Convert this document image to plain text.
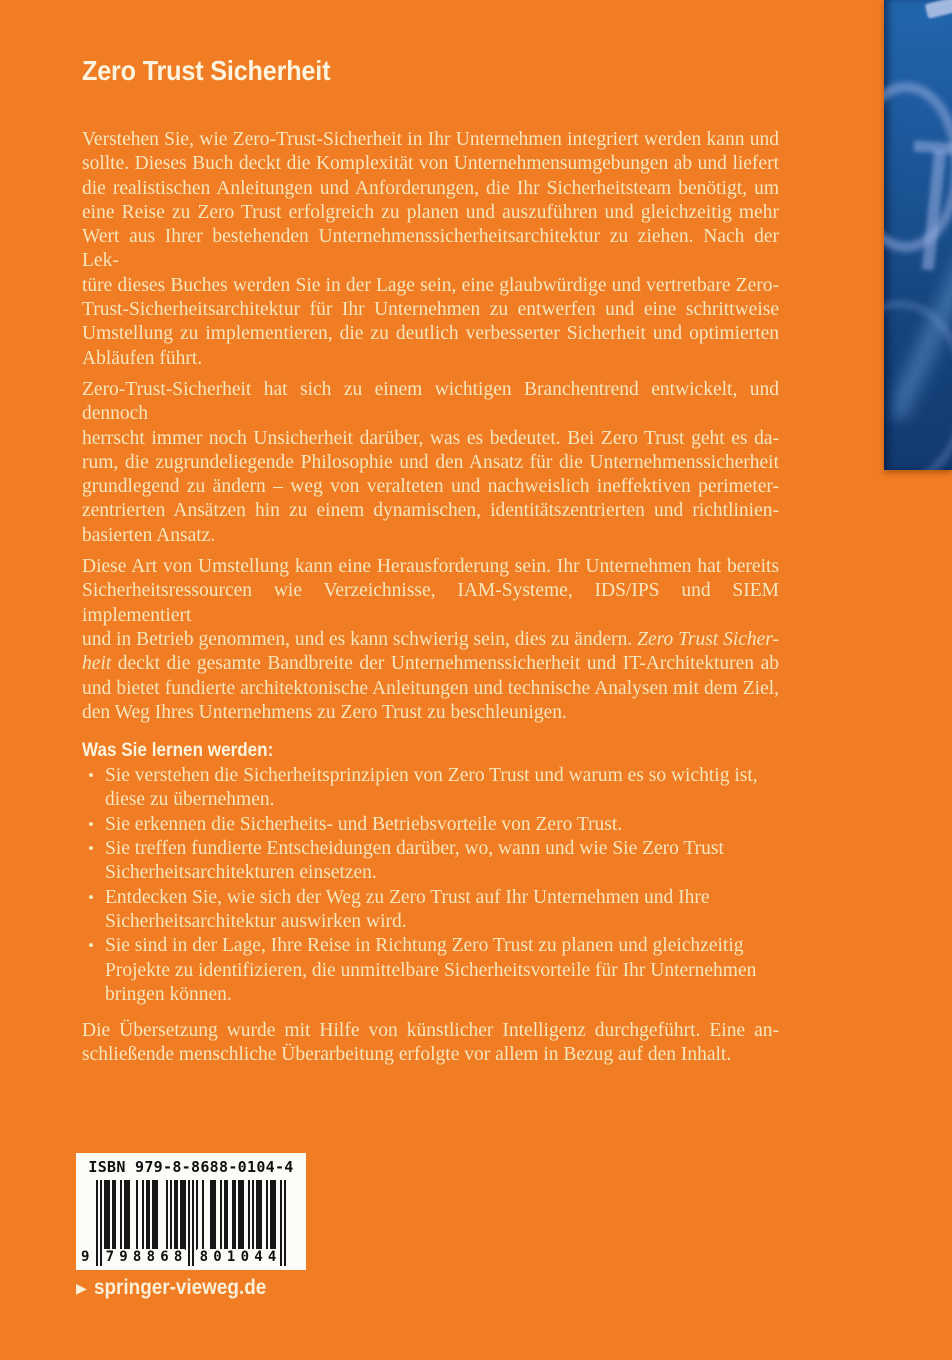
Zero Trust Sicherheit
Verstehen Sie, wie Zero-Trust-Sicherheit in Ihr Unternehmen integriert werden kann und
sollte. Dieses Buch deckt die Komplexität von Unternehmensumgebungen ab und liefert
die realistischen Anleitungen und Anforderungen, die Ihr Sicherheitsteam benötigt, um
eine Reise zu Zero Trust erfolgreich zu planen und auszuführen und gleichzeitig mehr
Wert aus Ihrer bestehenden Unternehmenssicherheitsarchitektur zu ziehen. Nach der Lek-
türe dieses Buches werden Sie in der Lage sein, eine glaubwürdige und vertretbare Zero-
Trust-Sicherheitsarchitektur für Ihr Unternehmen zu entwerfen und eine schrittweise
Umstellung zu implementieren, die zu deutlich verbesserter Sicherheit und optimierten
Abläufen führt.
Zero-Trust-Sicherheit hat sich zu einem wichtigen Branchentrend entwickelt, und dennoch
herrscht immer noch Unsicherheit darüber, was es bedeutet. Bei Zero Trust geht es da-
rum, die zugrundeliegende Philosophie und den Ansatz für die Unternehmenssicherheit
grundlegend zu ändern – weg von veralteten und nachweislich ineffektiven perimeter-
zentrierten Ansätzen hin zu einem dynamischen, identitätszentrierten und richtlinien-
basierten Ansatz.
Diese Art von Umstellung kann eine Herausforderung sein. Ihr Unternehmen hat bereits
Sicherheitsressourcen wie Verzeichnisse, IAM-Systeme, IDS/IPS und SIEM implementiert
und in Betrieb genommen, und es kann schwierig sein, dies zu ändern. Zero Trust Sicher-
heit deckt die gesamte Bandbreite der Unternehmenssicherheit und IT-Architekturen ab
und bietet fundierte architektonische Anleitungen und technische Analysen mit dem Ziel,
den Weg Ihres Unternehmens zu Zero Trust zu beschleunigen.
Was Sie lernen werden:
• Sie verstehen die Sicherheitsprinzipien von Zero Trust und warum es so wichtig ist,
diese zu übernehmen.
• Sie erkennen die Sicherheits- und Betriebsvorteile von Zero Trust.
• Sie treffen fundierte Entscheidungen darüber, wo, wann und wie Sie Zero Trust
Sicherheitsarchitekturen einsetzen.
• Entdecken Sie, wie sich der Weg zu Zero Trust auf Ihr Unternehmen und Ihre
Sicherheitsarchitektur auswirken wird.
• Sie sind in der Lage, Ihre Reise in Richtung Zero Trust zu planen und gleichzeitig
Projekte zu identifizieren, die unmittelbare Sicherheitsvorteile für Ihr Unternehmen
bringen können.
Die Übersetzung wurde mit Hilfe von künstlicher Intelligenz durchgeführt. Eine an-
schließende menschliche Überarbeitung erfolgte vor allem in Bezug auf den Inhalt.
ISBN 979-8-8688-0104-4
9 7 9 8 8 6 8 8 0 1 0 4 4
▶ springer-vieweg.de
